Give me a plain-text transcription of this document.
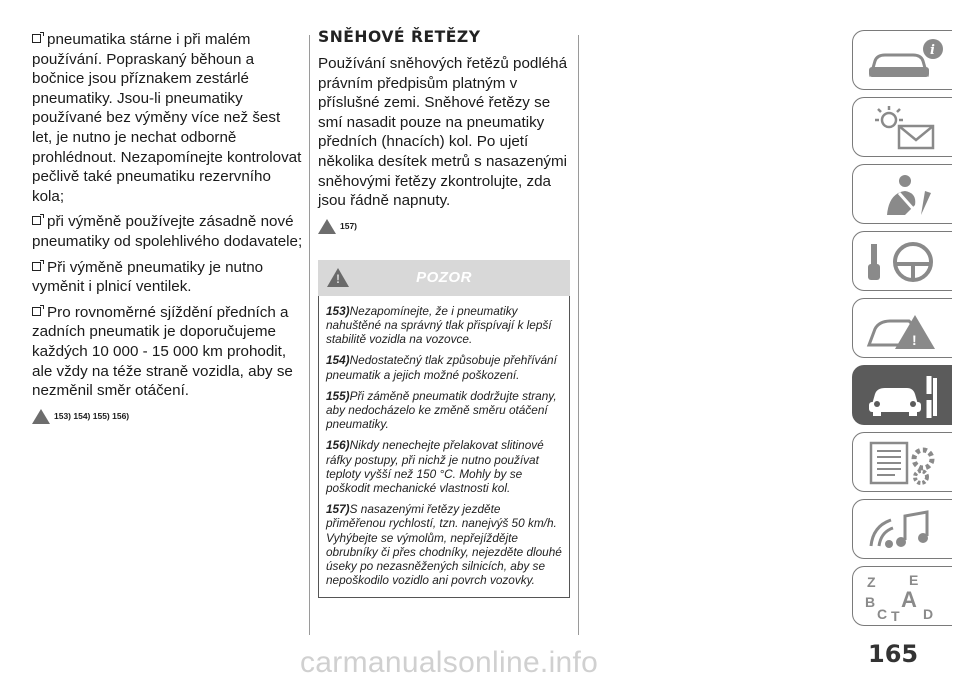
pneumatika stárne i při malém používání. Popraskaný běhoun a bočnice jsou příznakem zestárlé pneumatiky. Jsou-li pneumatiky používané bez výměny více než šest let, je nutno je nechat odborně prohlédnout. Nezapomínejte kontrolovat pečlivě také pneumatiku rezervního kola;

při výměně používejte zásadně nové pneumatiky od spolehlivého dodavatele;

Při výměně pneumatiky je nutno vyměnit i plnicí ventilek.

Pro rovnoměrné sjíždění předních a zadních pneumatik je doporučujeme každých 10 000 - 15 000 km prohodit, ale vždy na téže straně vozidla, aby se nezměnil směr otáčení.

153) 154) 155) 156)
SNĚHOVÉ ŘETĚZY

Používání sněhových řetězů podléhá právním předpisům platným v příslušné zemi. Sněhové řetězy se smí nasadit pouze na pneumatiky předních (hnacích) kol. Po ujetí několika desítek metrů s nasazenými sněhovými řetězy zkontrolujte, zda jsou řádně napnuty.

157)
!	POZOR

153)Nezapomínejte, že i pneumatiky nahuštěné na správný tlak přispívají k lepší stabilitě vozidla na vozovce.

154)Nedostatečný tlak způsobuje přehřívání pneumatik a jejich možné poškození.

155)Při záměně pneumatik dodržujte strany, aby nedocházelo ke změně směru otáčení pneumatiky.

156)Nikdy nenechejte přelakovat slitinové ráfky postupy, při nichž je nutno používat teploty vyšší než 150 °C. Mohly by se poškodit mechanické vlastnosti kol.

157)S nasazenými řetězy jezděte přiměřenou rychlostí, tzn. nanejvýš 50 km/h. Vyhýbejte se výmolům, nepřejíždějte obrubníky či přes chodníky, nejezděte dlouhé úseky po nezasněžených silnicích, aby se nepoškodilo vozidlo ani povrch vozovky.

i
!
Z E
B A
C T D
165
carmanualsonline.info
